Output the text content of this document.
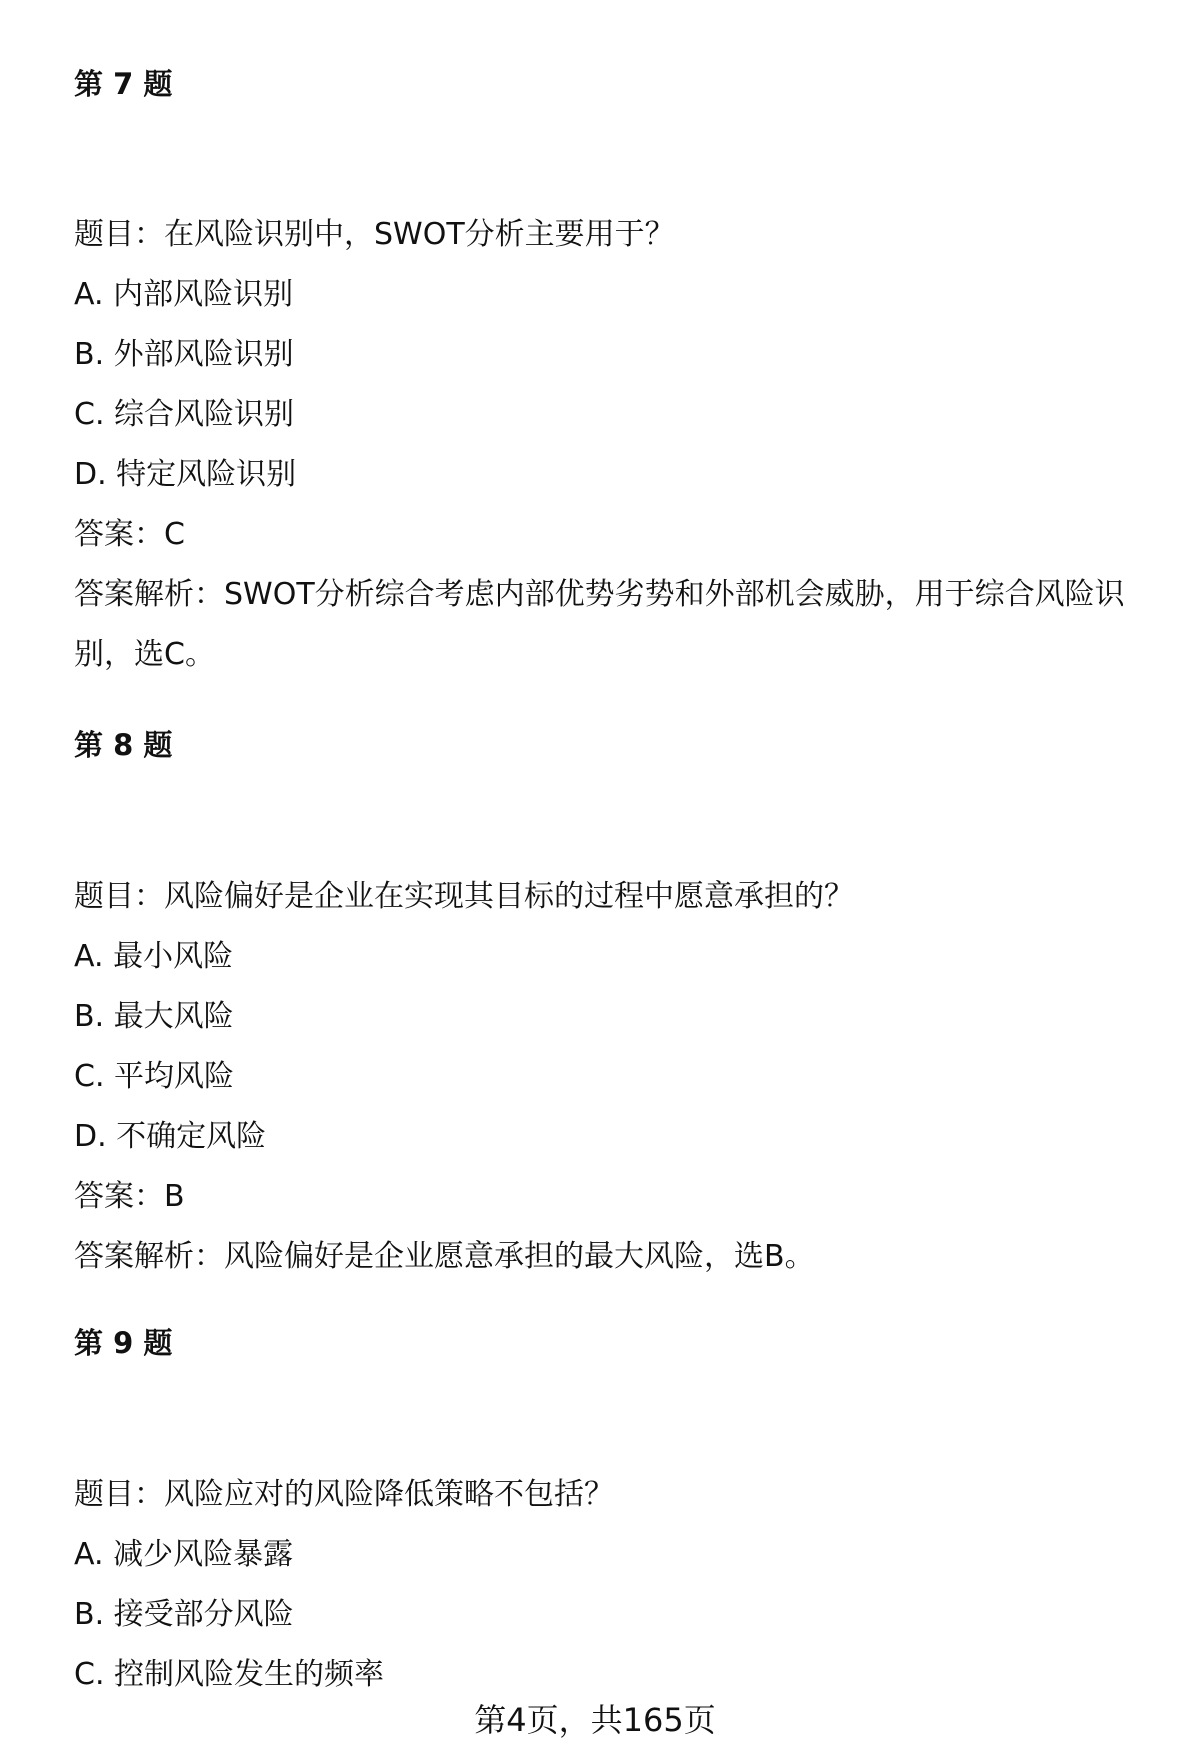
第 7 题

题目：在风险识别中，SWOT分析主要用于？

A. 内部风险识别

B. 外部风险识别

C. 综合风险识别

D. 特定风险识别

答案：C

答案解析：SWOT分析综合考虑内部优势劣势和外部机会威胁，用于综合风险识

别，选C。

第 8 题

题目：风险偏好是企业在实现其目标的过程中愿意承担的？

A. 最小风险

B. 最大风险

C. 平均风险

D. 不确定风险

答案：B

答案解析：风险偏好是企业愿意承担的最大风险，选B。

第 9 题

题目：风险应对的风险降低策略不包括？

A. 减少风险暴露

B. 接受部分风险

C. 控制风险发生的频率

第4页，共165页
